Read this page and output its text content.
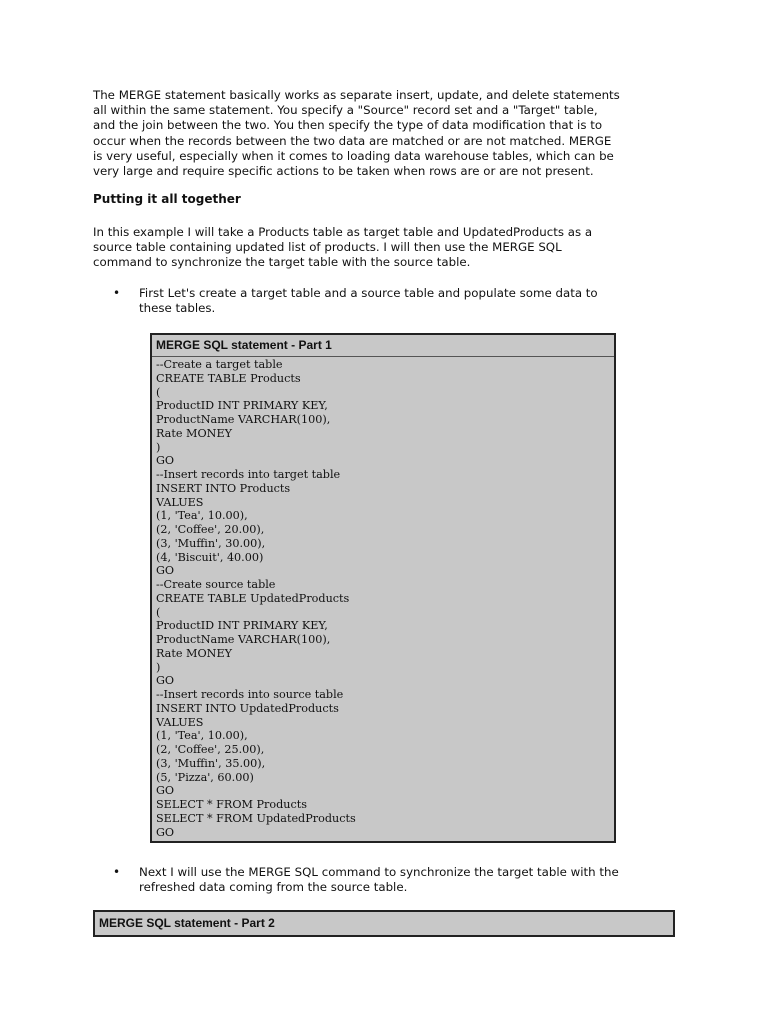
The MERGE statement basically works as separate insert, update, and delete statements
all within the same statement. You specify a "Source" record set and a "Target" table,
and the join between the two. You then specify the type of data modification that is to
occur when the records between the two data are matched or are not matched. MERGE
is very useful, especially when it comes to loading data warehouse tables, which can be
very large and require specific actions to be taken when rows are or are not present.

Putting it all together

In this example I will take a Products table as target table and UpdatedProducts as a
source table containing updated list of products. I will then use the MERGE SQL
command to synchronize the target table with the source table.

• First Let's create a target table and a source table and populate some data to
these tables.
MERGE SQL statement - Part 1
--Create a target table
CREATE TABLE Products
(
ProductID INT PRIMARY KEY,
ProductName VARCHAR(100),
Rate MONEY
)
GO
--Insert records into target table
INSERT INTO Products
VALUES
(1, 'Tea', 10.00),
(2, 'Coffee', 20.00),
(3, 'Muffin', 30.00),
(4, 'Biscuit', 40.00)
GO
--Create source table
CREATE TABLE UpdatedProducts
(
ProductID INT PRIMARY KEY,
ProductName VARCHAR(100),
Rate MONEY
)
GO
--Insert records into source table
INSERT INTO UpdatedProducts
VALUES
(1, 'Tea', 10.00),
(2, 'Coffee', 25.00),
(3, 'Muffin', 35.00),
(5, 'Pizza', 60.00)
GO
SELECT * FROM Products
SELECT * FROM UpdatedProducts
GO
• Next I will use the MERGE SQL command to synchronize the target table with the
refreshed data coming from the source table.
MERGE SQL statement - Part 2
